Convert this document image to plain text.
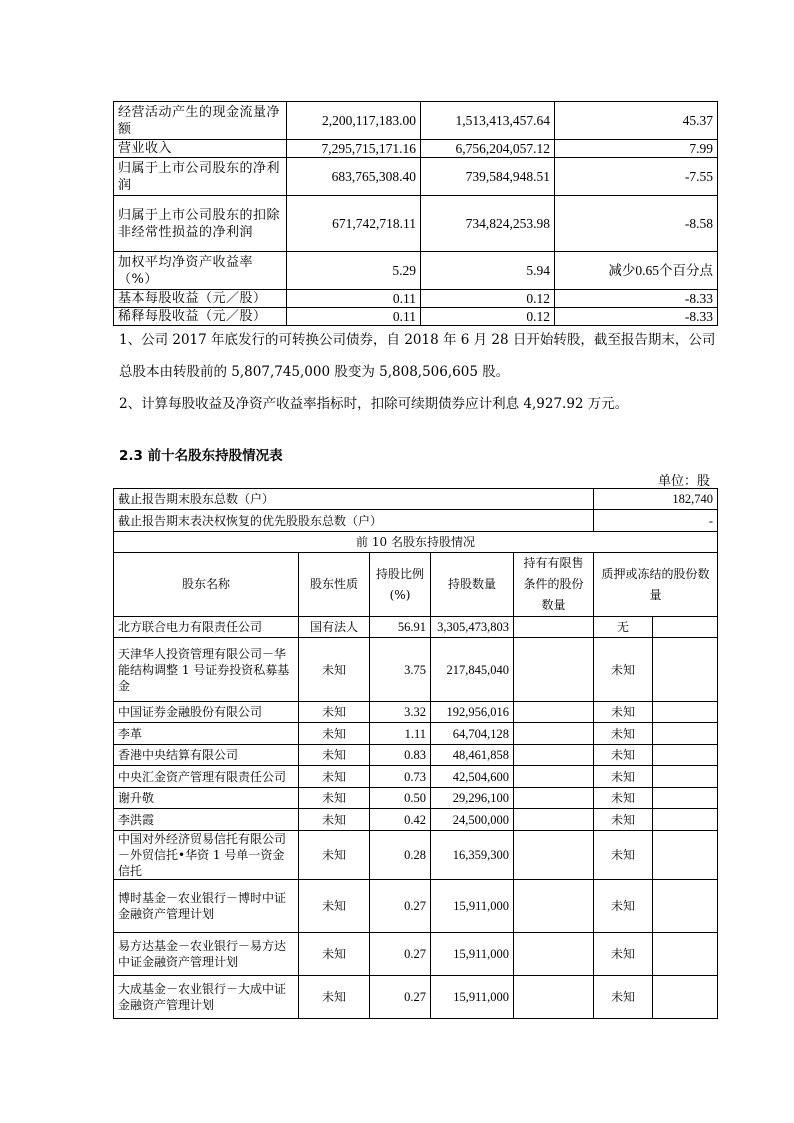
经营活动产生的现金流量净额	2,200,117,183.00	1,513,413,457.64	45.37
营业收入	7,295,715,171.16	6,756,204,057.12	7.99
归属于上市公司股东的净利润	683,765,308.40	739,584,948.51	-7.55
归属于上市公司股东的扣除非经常性损益的净利润	671,742,718.11	734,824,253.98	-8.58
加权平均净资产收益率（%）	5.29	5.94	减少0.65个百分点
基本每股收益（元／股）	0.11	0.12	-8.33
稀释每股收益（元／股）	0.11	0.12	-8.33
1、公司 2017 年底发行的可转换公司债券，自 2018 年 6 月 28 日开始转股，截至报告期末，公司
总股本由转股前的 5,807,745,000 股变为 5,808,506,605 股。
2、计算每股收益及净资产收益率指标时，扣除可续期债券应计利息 4,927.92 万元。
2.3 前十名股东持股情况表
单位：股
截止报告期末股东总数（户）					182,740	
截止报告期末表决权恢复的优先股股东总数（户）					-	
前 10 名股东持股情况						
股东名称	股东性质	持股比例(%)	持股数量	持有有限售条件的股份数量	质押或冻结的股份数量	
北方联合电力有限责任公司	国有法人	56.91	3,305,473,803		无	
天津华人投资管理有限公司－华能结构调整 1 号证券投资私募基金	未知	3.75	217,845,040		未知	
中国证券金融股份有限公司	未知	3.32	192,956,016		未知	
李革	未知	1.11	64,704,128		未知	
香港中央结算有限公司	未知	0.83	48,461,858		未知	
中央汇金资产管理有限责任公司	未知	0.73	42,504,600		未知	
谢升敬	未知	0.50	29,296,100		未知	
李洪霞	未知	0.42	24,500,000		未知	
中国对外经济贸易信托有限公司－外贸信托•华资 1 号单一资金信托	未知	0.28	16,359,300		未知	
博时基金－农业银行－博时中证金融资产管理计划	未知	0.27	15,911,000		未知	
易方达基金－农业银行－易方达中证金融资产管理计划	未知	0.27	15,911,000		未知	
大成基金－农业银行－大成中证金融资产管理计划	未知	0.27	15,911,000		未知	
